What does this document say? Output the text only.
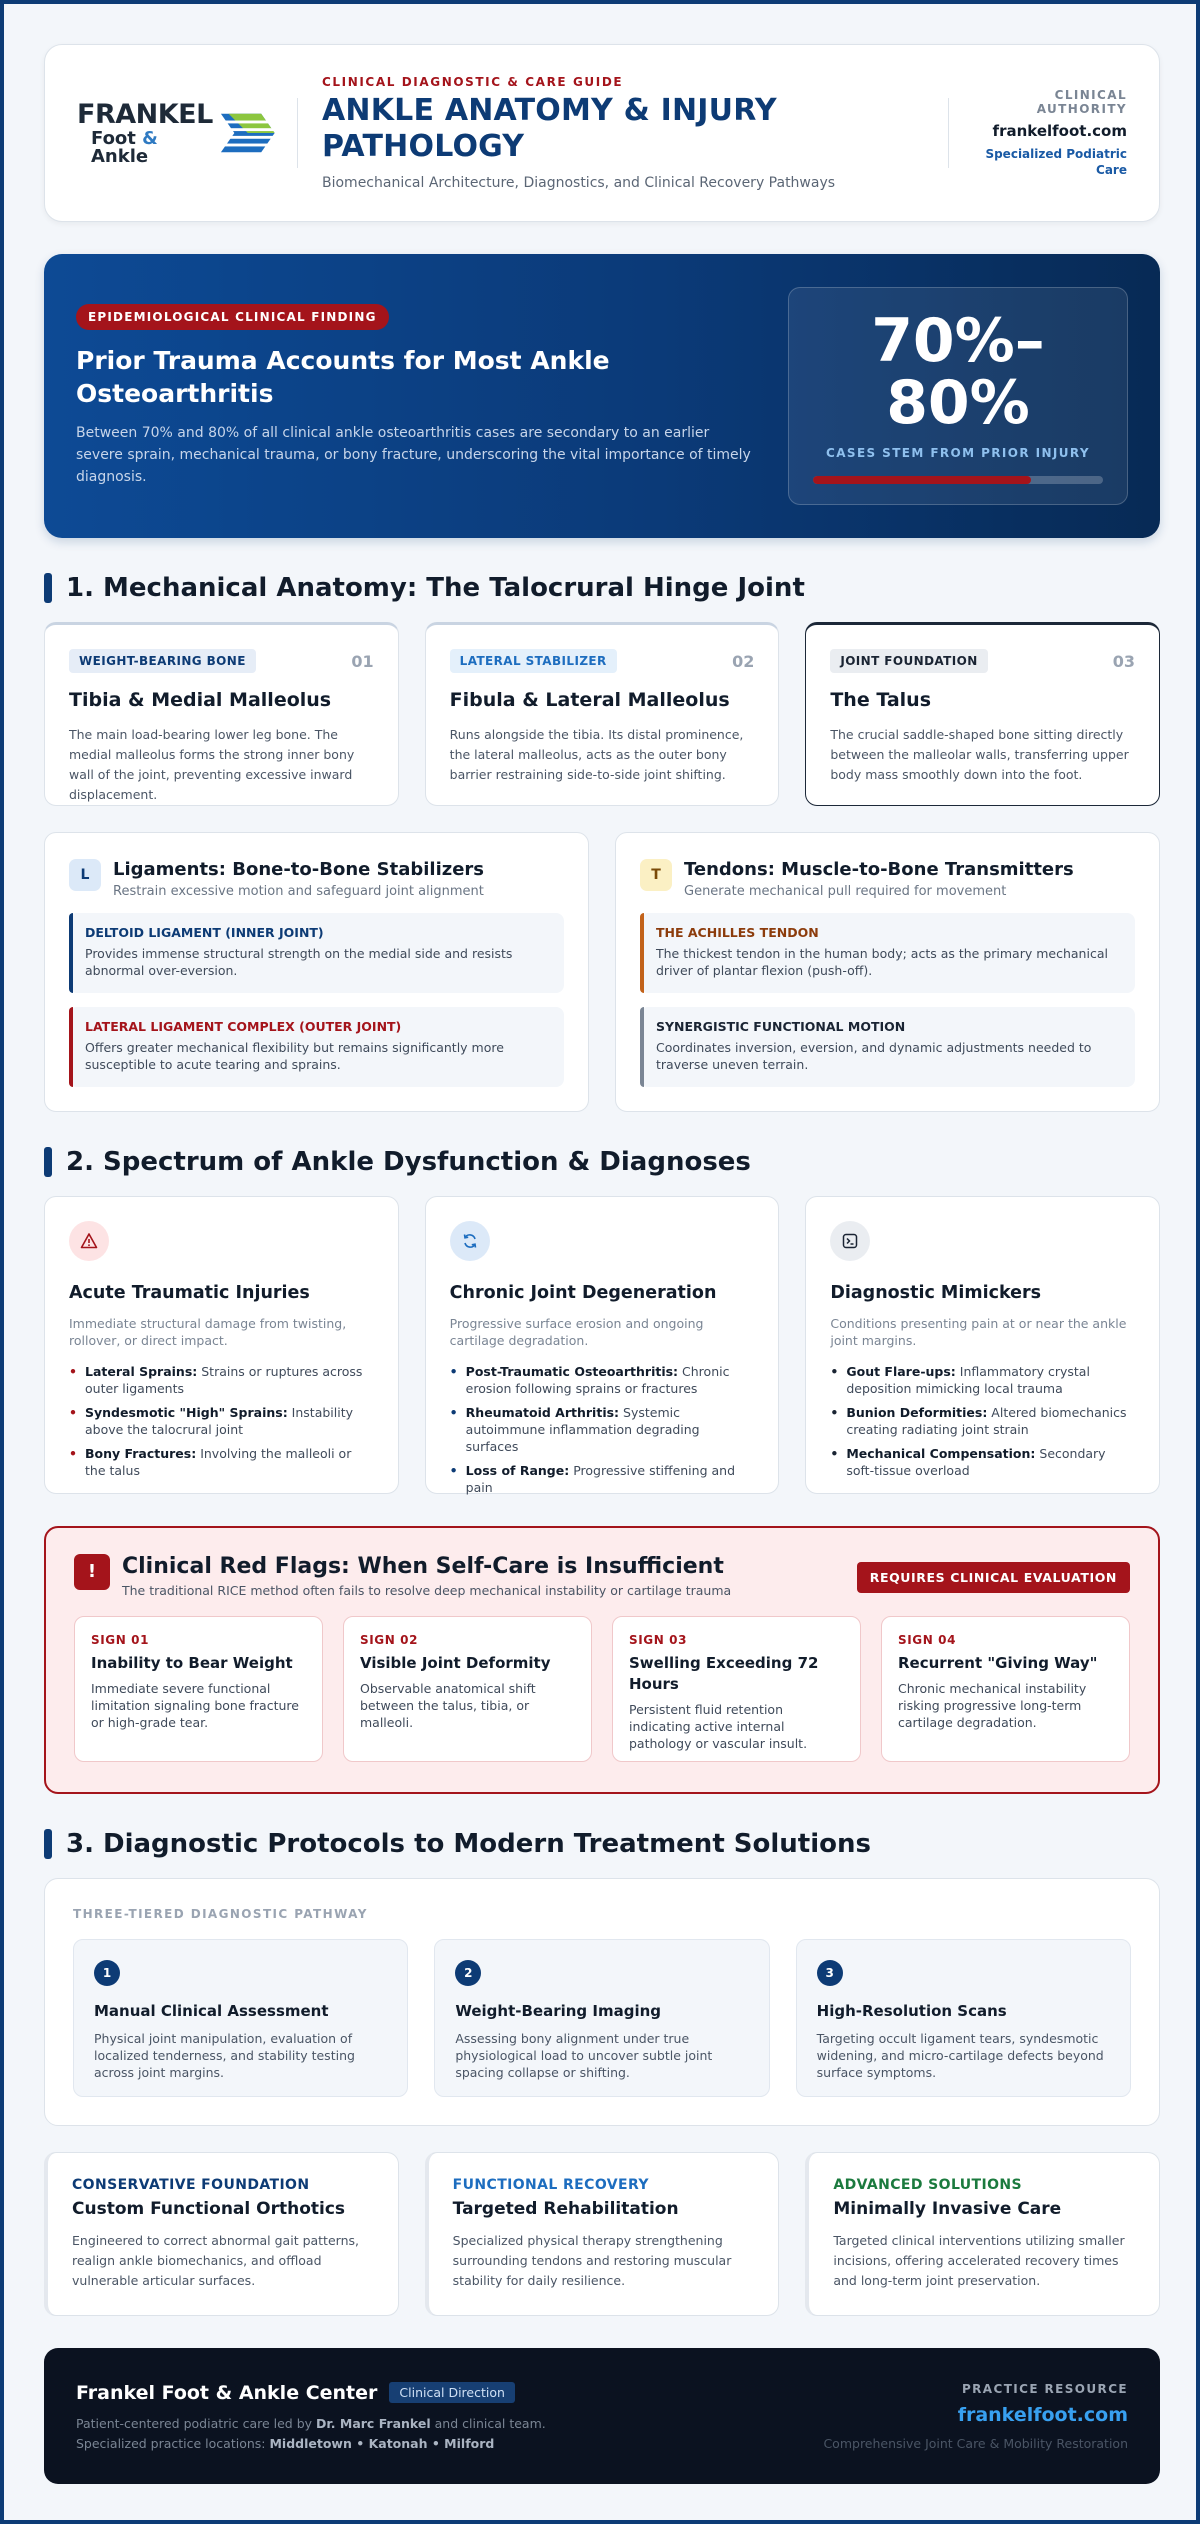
FRANKEL
Foot & Ankle
CLINICAL DIAGNOSTIC & CARE GUIDE
ANKLE ANATOMY & INJURY PATHOLOGY
Biomechanical Architecture, Diagnostics, and Clinical Recovery Pathways
CLINICAL AUTHORITY
frankelfoot.com
Specialized Podiatric Care
EPIDEMIOLOGICAL CLINICAL FINDING
Prior Trauma Accounts for Most Ankle Osteoarthritis
Between 70% and 80% of all clinical ankle osteoarthritis cases are secondary to an earlier severe sprain, mechanical trauma, or bony fracture, underscoring the vital importance of timely diagnosis.
70%–80%
CASES STEM FROM PRIOR INJURY
1. Mechanical Anatomy: The Talocrural Hinge Joint
WEIGHT-BEARING BONE	01
Tibia & Medial Malleolus
The main load-bearing lower leg bone. The medial malleolus forms the strong inner bony wall of the joint, preventing excessive inward displacement.
LATERAL STABILIZER	02
Fibula & Lateral Malleolus
Runs alongside the tibia. Its distal prominence, the lateral malleolus, acts as the outer bony barrier restraining side-to-side joint shifting.
JOINT FOUNDATION	03
The Talus
The crucial saddle-shaped bone sitting directly between the malleolar walls, transferring upper body mass smoothly down into the foot.
L	Ligaments: Bone-to-Bone Stabilizers
Restrain excessive motion and safeguard joint alignment
DELTOID LIGAMENT (INNER JOINT)
Provides immense structural strength on the medial side and resists abnormal over-eversion.
LATERAL LIGAMENT COMPLEX (OUTER JOINT)
Offers greater mechanical flexibility but remains significantly more susceptible to acute tearing and sprains.
T	Tendons: Muscle-to-Bone Transmitters
Generate mechanical pull required for movement
THE ACHILLES TENDON
The thickest tendon in the human body; acts as the primary mechanical driver of plantar flexion (push-off).
SYNERGISTIC FUNCTIONAL MOTION
Coordinates inversion, eversion, and dynamic adjustments needed to traverse uneven terrain.
2. Spectrum of Ankle Dysfunction & Diagnoses
Acute Traumatic Injuries
Immediate structural damage from twisting, rollover, or direct impact.
• Lateral Sprains: Strains or ruptures across outer ligaments
• Syndesmotic "High" Sprains: Instability above the talocrural joint
• Bony Fractures: Involving the malleoli or the talus
Chronic Joint Degeneration
Progressive surface erosion and ongoing cartilage degradation.
• Post-Traumatic Osteoarthritis: Chronic erosion following sprains or fractures
• Rheumatoid Arthritis: Systemic autoimmune inflammation degrading surfaces
• Loss of Range: Progressive stiffening and pain
Diagnostic Mimickers
Conditions presenting pain at or near the ankle joint margins.
• Gout Flare-ups: Inflammatory crystal deposition mimicking local trauma
• Bunion Deformities: Altered biomechanics creating radiating joint strain
• Mechanical Compensation: Secondary soft-tissue overload
!	Clinical Red Flags: When Self-Care is Insufficient
The traditional RICE method often fails to resolve deep mechanical instability or cartilage trauma
REQUIRES CLINICAL EVALUATION
SIGN 01
Inability to Bear Weight
Immediate severe functional limitation signaling bone fracture or high-grade tear.
SIGN 02
Visible Joint Deformity
Observable anatomical shift between the talus, tibia, or malleoli.
SIGN 03
Swelling Exceeding 72 Hours
Persistent fluid retention indicating active internal pathology or vascular insult.
SIGN 04
Recurrent "Giving Way"
Chronic mechanical instability risking progressive long-term cartilage degradation.
3. Diagnostic Protocols to Modern Treatment Solutions
THREE-TIERED DIAGNOSTIC PATHWAY
1
Manual Clinical Assessment
Physical joint manipulation, evaluation of localized tenderness, and stability testing across joint margins.
2
Weight-Bearing Imaging
Assessing bony alignment under true physiological load to uncover subtle joint spacing collapse or shifting.
3
High-Resolution Scans
Targeting occult ligament tears, syndesmotic widening, and micro-cartilage defects beyond surface symptoms.
CONSERVATIVE FOUNDATION
Custom Functional Orthotics
Engineered to correct abnormal gait patterns, realign ankle biomechanics, and offload vulnerable articular surfaces.
FUNCTIONAL RECOVERY
Targeted Rehabilitation
Specialized physical therapy strengthening surrounding tendons and restoring muscular stability for daily resilience.
ADVANCED SOLUTIONS
Minimally Invasive Care
Targeted clinical interventions utilizing smaller incisions, offering accelerated recovery times and long-term joint preservation.
Frankel Foot & Ankle Center	Clinical Direction
Patient-centered podiatric care led by Dr. Marc Frankel and clinical team.
Specialized practice locations: Middletown • Katonah • Milford
PRACTICE RESOURCE
frankelfoot.com
Comprehensive Joint Care & Mobility Restoration
